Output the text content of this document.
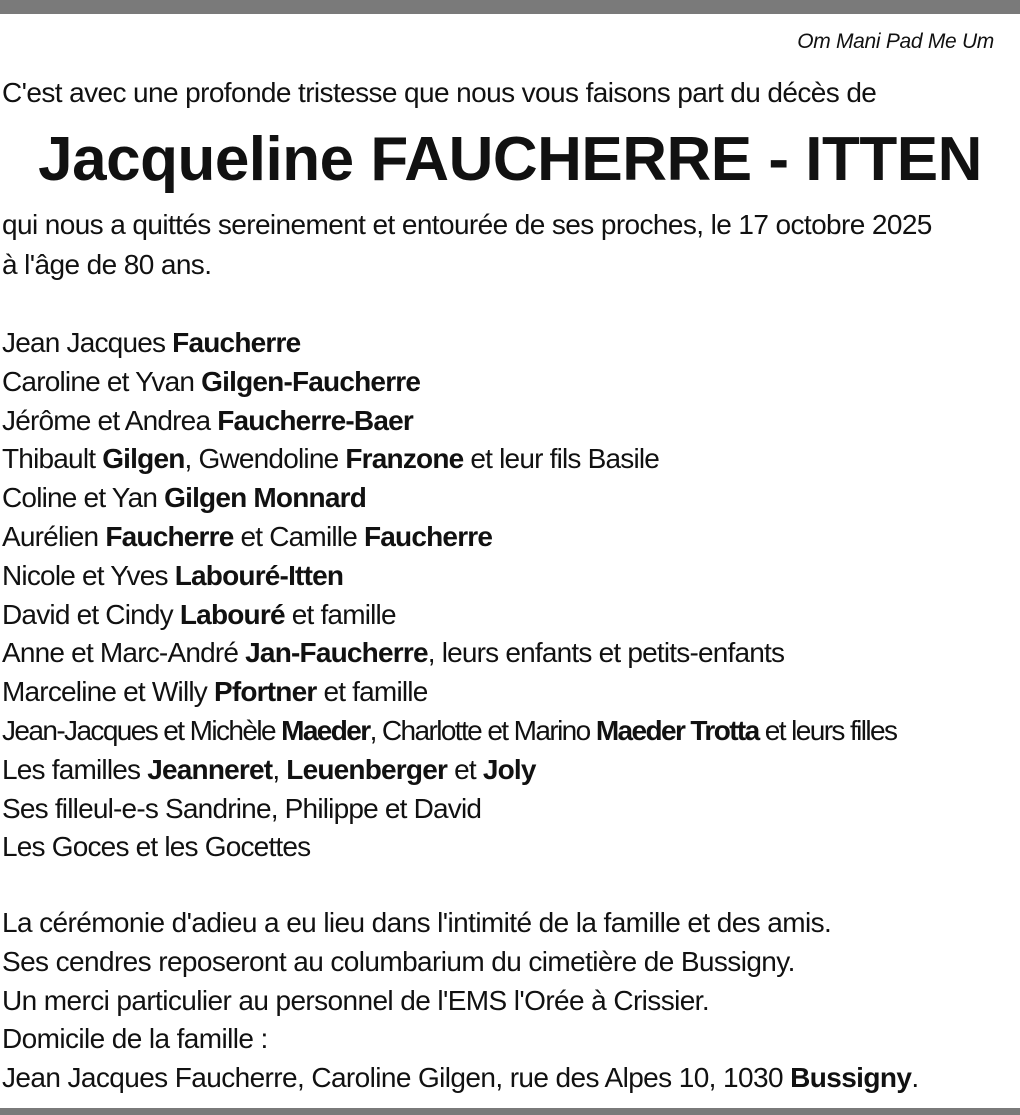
Om Mani Pad Me Um
C'est avec une profonde tristesse que nous vous faisons part du décès de
Jacqueline FAUCHERRE - ITTEN
qui nous a quittés sereinement et entourée de ses proches, le 17 octobre 2025
à l'âge de 80 ans.
Jean Jacques Faucherre
Caroline et Yvan Gilgen-Faucherre
Jérôme et Andrea Faucherre-Baer
Thibault Gilgen, Gwendoline Franzone et leur fils Basile
Coline et Yan Gilgen Monnard
Aurélien Faucherre et Camille Faucherre
Nicole et Yves Labouré-Itten
David et Cindy Labouré et famille
Anne et Marc-André Jan-Faucherre, leurs enfants et petits-enfants
Marceline et Willy Pfortner et famille
Jean-Jacques et Michèle Maeder, Charlotte et Marino Maeder Trotta et leurs filles
Les familles Jeanneret, Leuenberger et Joly
Ses filleul-e-s Sandrine, Philippe et David
Les Goces et les Gocettes
La cérémonie d'adieu a eu lieu dans l'intimité de la famille et des amis.
Ses cendres reposeront au columbarium du cimetière de Bussigny.
Un merci particulier au personnel de l'EMS l'Orée à Crissier.
Domicile de la famille :
Jean Jacques Faucherre, Caroline Gilgen, rue des Alpes 10, 1030 Bussigny.
